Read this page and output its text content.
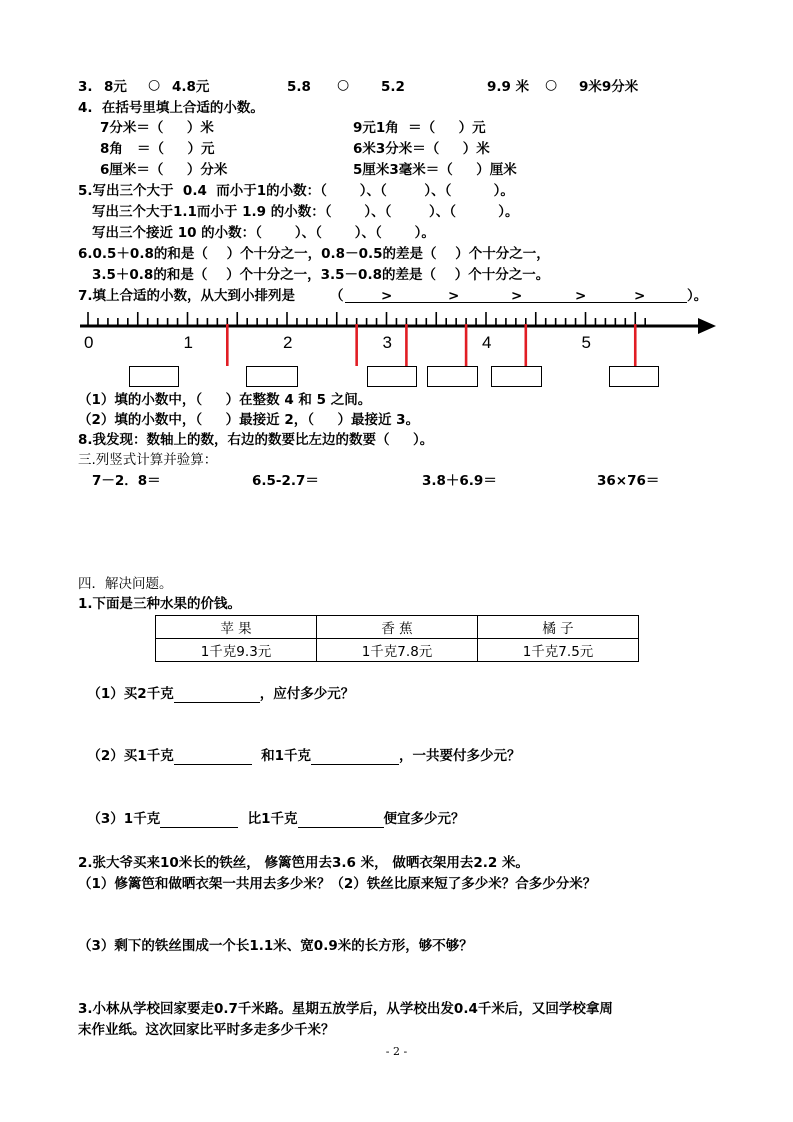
3. 8元 ○ 4.8元	5.8 ○ 5.2	9.9 米 ○ 9米9分米
4.  在括号里填上合适的小数。
7分米＝（     ）米	9元1角  ＝（     ）元
8角   ＝（     ）元	6米3分米＝（     ）米
6厘米＝（     ）分米	5厘米3毫米＝（     ）厘米
5.写出三个大于  0.4  而小于1的小数：（       ）、（        ）、（         ）。
写出三个大于1.1而小于 1.9 的小数：（       ）、（        ）、（         ）。
写出三个接近 10 的小数：（       ）、（       ）、（       ）。
6.0.5＋0.8的和是（    ）个十分之一，0.8－0.5的差是（    ）个十分之一，
3.5＋0.8的和是（    ）个十分之一，3.5－0.8的差是（    ）个十分之一。
7.填上合适的小数，从大到小排列是	（	>	>	>	>	>	）。
0	1	2	3	4	5
（1）填的小数中，（     ）在整数 4 和 5 之间。
（2）填的小数中，（     ）最接近 2，（     ）最接近 3。
8.我发现：数轴上的数，右边的数要比左边的数要（     ）。
三.列竖式计算并验算：
7－2．8＝	6.5-2.7＝	3.8＋6.9＝	36×76＝
四．解决问题。
1.下面是三种水果的价钱。
苹 果	香 蕉	橘 子
1千克9.3元	1千克7.8元	1千克7.5元

（1）买2千克	，应付多少元？

（2）买1千克	和1千克	，一共要付多少元？

（3）1千克	比1千克	便宜多少元？

2.张大爷买来10米长的铁丝， 修篱笆用去3.6 米， 做晒衣架用去2.2 米。
（1）修篱笆和做晒衣架一共用去多少米？（2）铁丝比原来短了多少米？合多少分米？
（3）剩下的铁丝围成一个长1.1米、宽0.9米的长方形，够不够？
3.小林从学校回家要走0.7千米路。星期五放学后，从学校出发0.4千米后，又回学校拿周
末作业纸。这次回家比平时多走多少千米？
- 2 -
